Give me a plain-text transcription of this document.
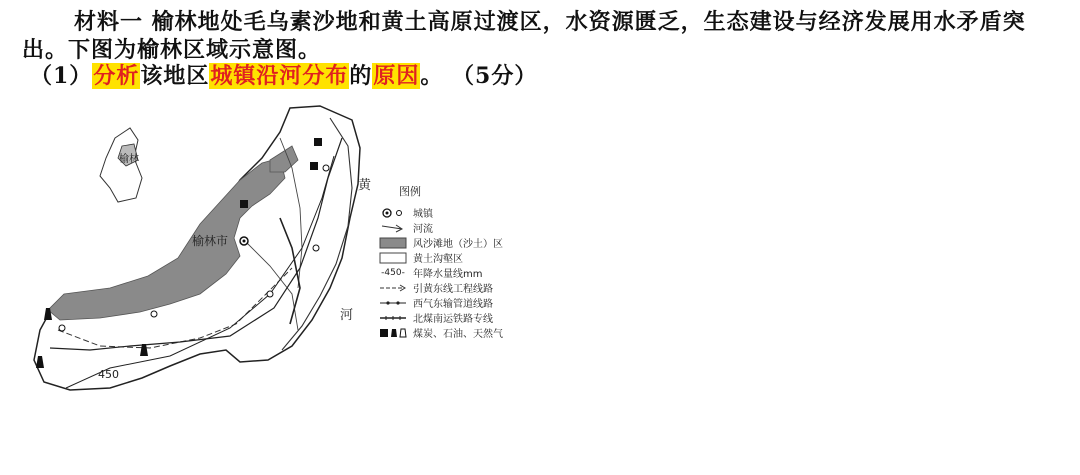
材料一 榆林地处毛乌素沙地和黄土高原过渡区，水资源匮乏，生态建设与经济发展用水矛盾突出。下图为榆林区域示意图。
（1）分析该地区城镇沿河分布的原因。 （5分）
榆林
榆林市
黄
河
450
图例
城镇
河流
风沙滩地（沙土）区
黄土沟壑区
- 450 - 年降水量线mm
引黄东线工程线路
西气东输管道线路
北煤南运铁路专线
煤炭、石油、天然气
